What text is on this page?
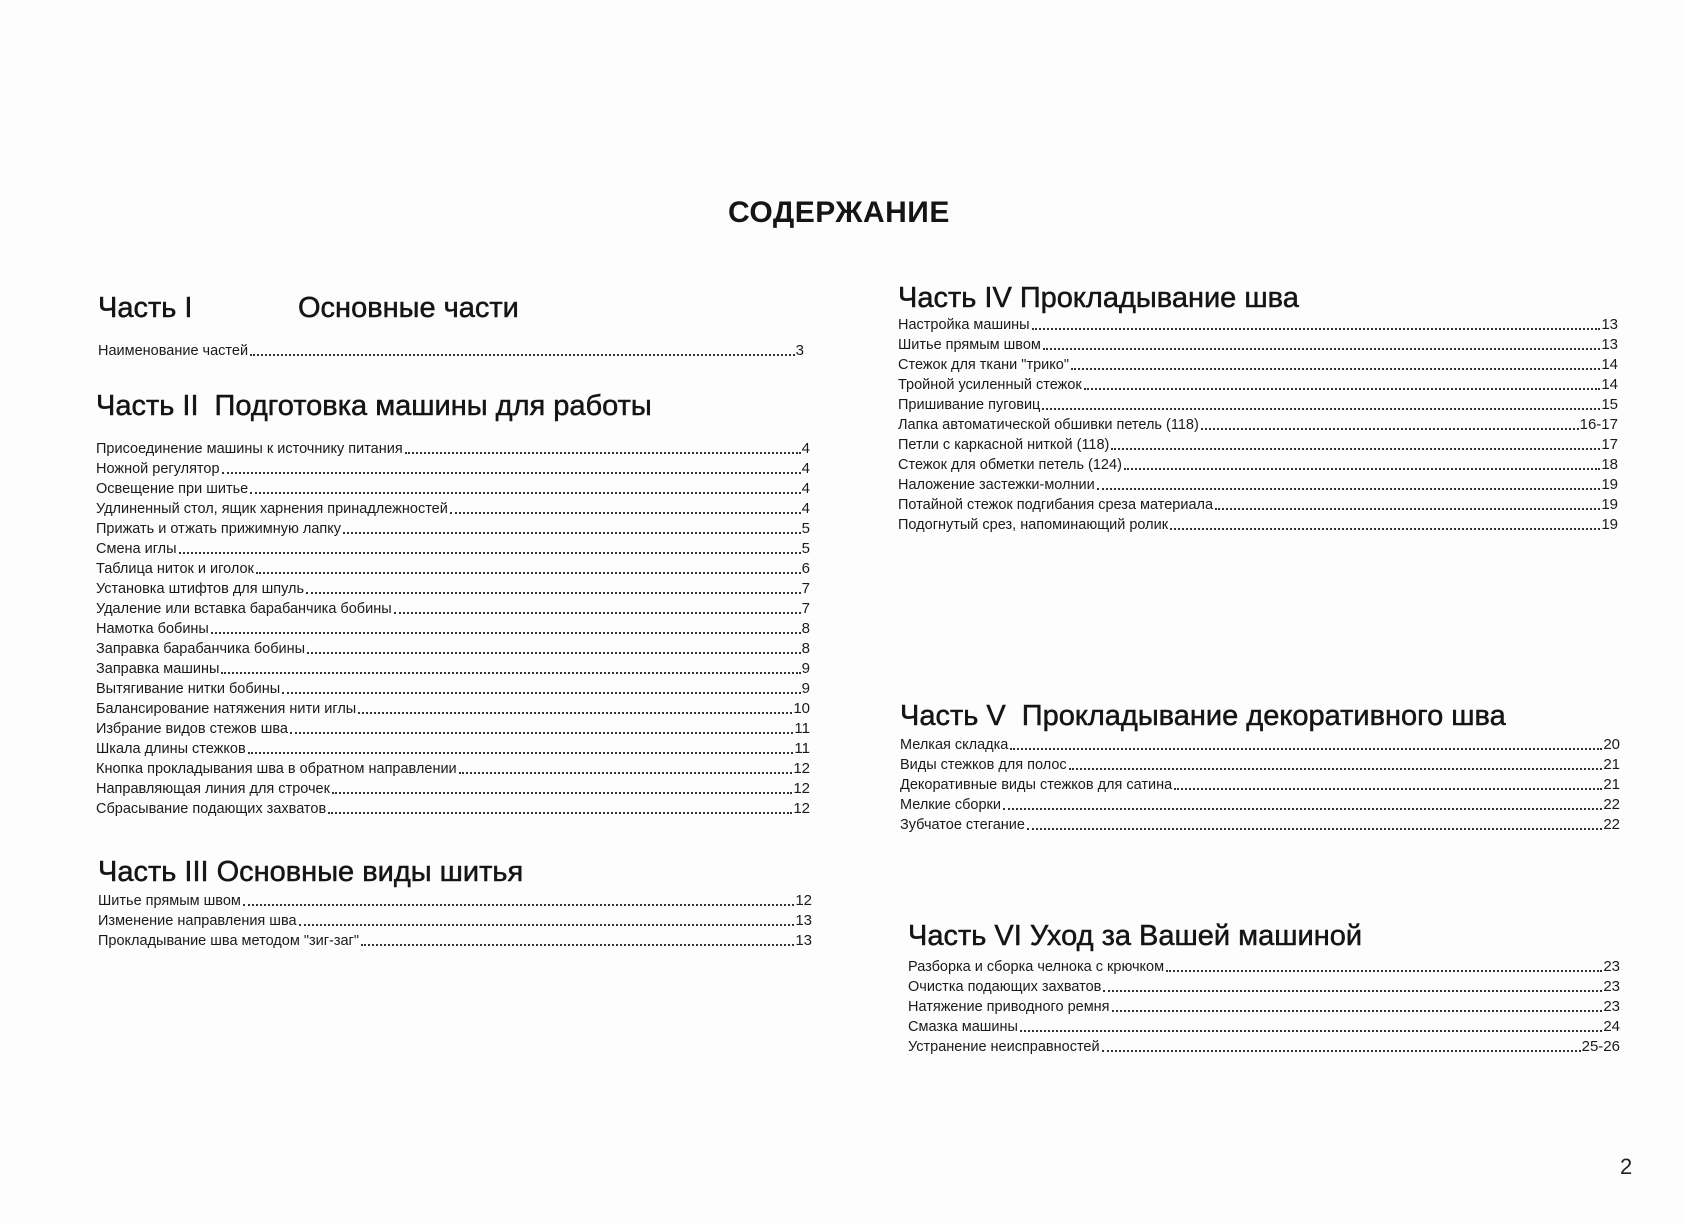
СОДЕРЖАНИЕ
Часть I	Основные части
Наименование частей	3
Часть II Подготовка машины для работы
Присоединение машины к источнику питания	4
Ножной регулятор	4
Освещение при шитье	4
Удлиненный стол, ящик харнения принадлежностей	4
Прижать и отжать прижимную лапку	5
Смена иглы	5
Таблица ниток и иголок	6
Установка штифтов для шпуль	7
Удаление или вставка барабанчика бобины	7
Намотка бобины	8
Заправка барабанчика бобины	8
Заправка машины	9
Вытягивание нитки бобины	9
Балансирование натяжения нити иглы	10
Избрание видов стежов шва	11
Шкала длины стежков	11
Кнопка прокладывания шва в обратном направлении	12
Направляющая линия для строчек	12
Сбрасывание подающих захватов	12
Часть III Основные виды шитья
Шитье прямым швом	12
Изменение направления шва	13
Прокладывание шва методом "зиг-заг"	13
Часть IV Прокладывание шва
Настройка машины	13
Шитье прямым швом	13
Стежок для ткани "трико"	14
Тройной усиленный стежок	14
Пришивание пуговиц	15
Лапка автоматической обшивки петель (118)	16-17
Петли с каркасной ниткой (118)	17
Стежок для обметки петель (124)	18
Наложение застежки-молнии	19
Потайной стежок подгибания среза материала	19
Подогнутый срез, напоминающий ролик	19
Часть V Прокладывание декоративного шва
Мелкая складка	20
Виды стежков для полос	21
Декоративные виды стежков для сатина	21
Мелкие сборки	22
Зубчатое стегание	22
Часть VI Уход за Вашей машиной
Разборка и сборка челнока с крючком	23
Очистка подающих захватов	23
Натяжение приводного ремня	23
Смазка машины	24
Устранение неисправностей	25-26
2
